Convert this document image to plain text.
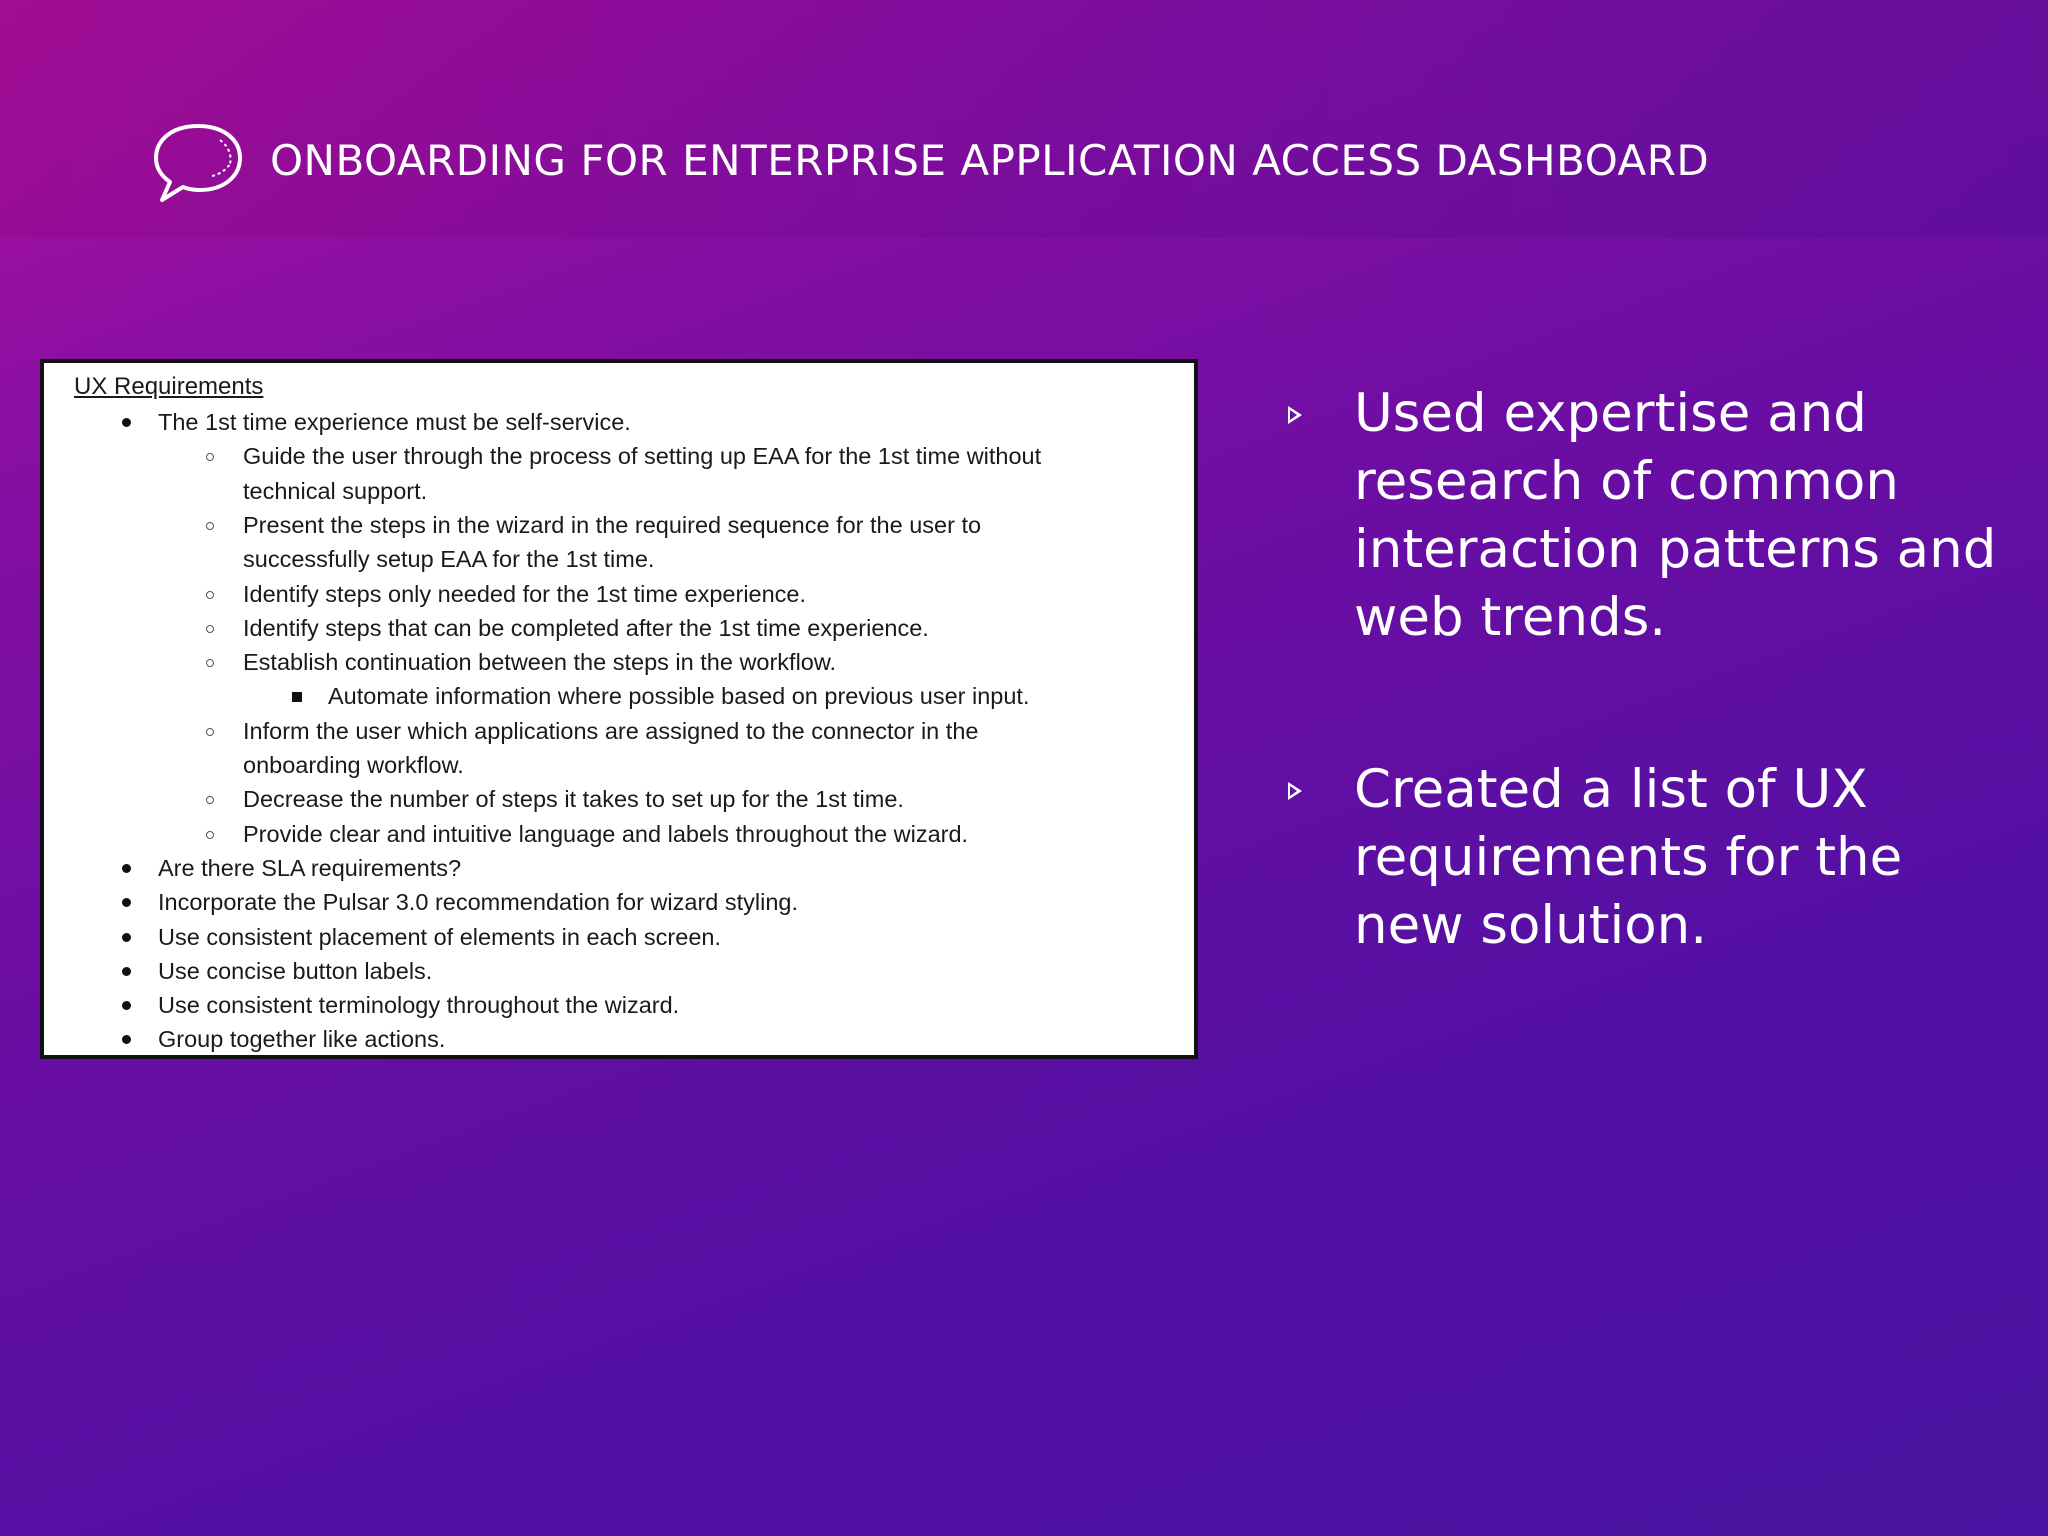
ONBOARDING FOR ENTERPRISE APPLICATION ACCESS DASHBOARD
UX Requirements
The 1st time experience must be self-service.
Guide the user through the process of setting up EAA for the 1st time without
technical support.
Present the steps in the wizard in the required sequence for the user to
successfully setup EAA for the 1st time.
Identify steps only needed for the 1st time experience.
Identify steps that can be completed after the 1st time experience.
Establish continuation between the steps in the workflow.
Automate information where possible based on previous user input.
Inform the user which applications are assigned to the connector in the
onboarding workflow.
Decrease the number of steps it takes to set up for the 1st time.
Provide clear and intuitive language and labels throughout the wizard.
Are there SLA requirements?
Incorporate the Pulsar 3.0 recommendation for wizard styling.
Use consistent placement of elements in each screen.
Use concise button labels.
Use consistent terminology throughout the wizard.
Group together like actions.
Used expertise and research of common interaction patterns and web trends.
Created a list of UX requirements for the new solution.
